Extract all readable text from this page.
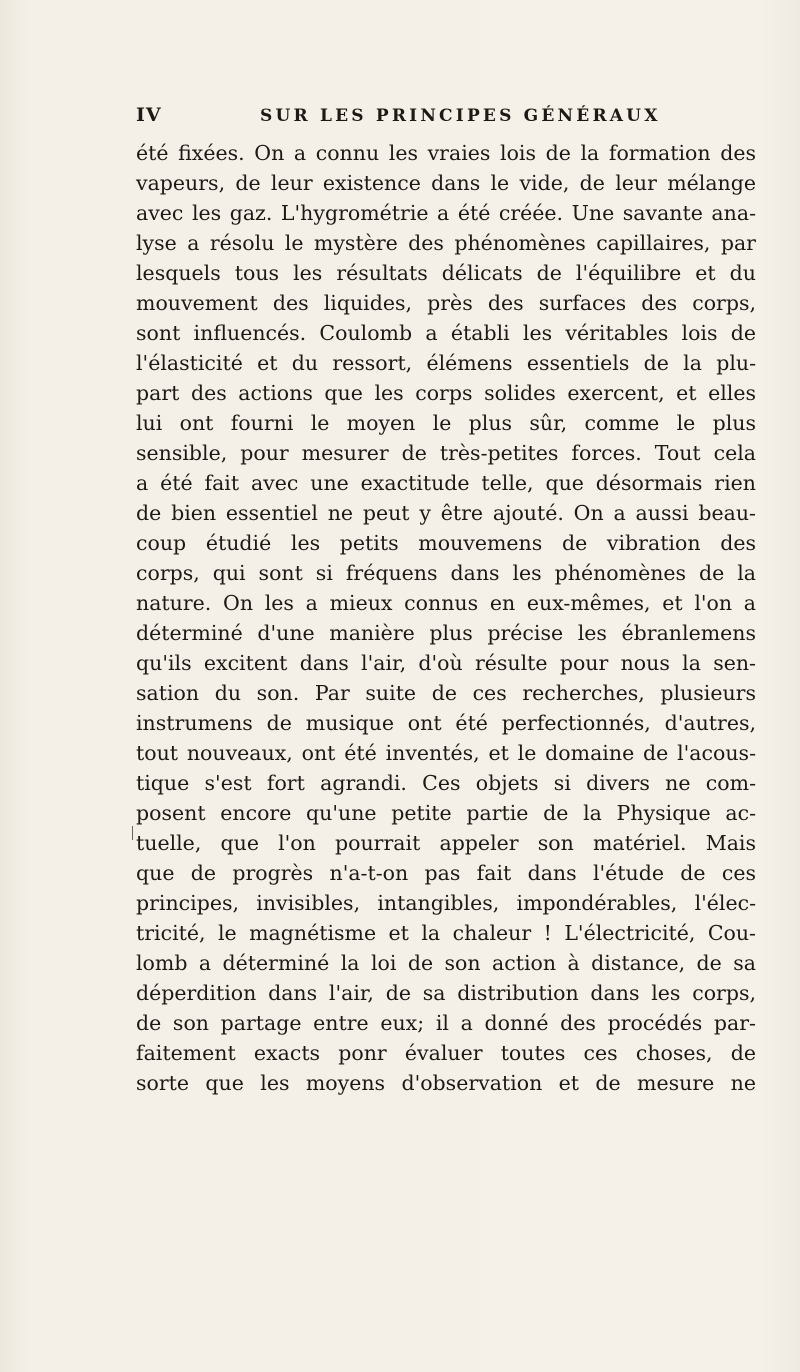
IV	SUR LES PRINCIPES GÉNÉRAUX
été fixées. On a connu les vraies lois de la formation des
vapeurs, de leur existence dans le vide, de leur mélange
avec les gaz. L'hygrométrie a été créée. Une savante ana-
lyse a résolu le mystère des phénomènes capillaires, par
lesquels tous les résultats délicats de l'équilibre et du
mouvement des liquides, près des surfaces des corps,
sont influencés. Coulomb a établi les véritables lois de
l'élasticité et du ressort, élémens essentiels de la plu-
part des actions que les corps solides exercent, et elles
lui ont fourni le moyen le plus sûr, comme le plus
sensible, pour mesurer de très-petites forces. Tout cela
a été fait avec une exactitude telle, que désormais rien
de bien essentiel ne peut y être ajouté. On a aussi beau-
coup étudié les petits mouvemens de vibration des
corps, qui sont si fréquens dans les phénomènes de la
nature. On les a mieux connus en eux-mêmes, et l'on a
déterminé d'une manière plus précise les ébranlemens
qu'ils excitent dans l'air, d'où résulte pour nous la sen-
sation du son. Par suite de ces recherches, plusieurs
instrumens de musique ont été perfectionnés, d'autres,
tout nouveaux, ont été inventés, et le domaine de l'acous-
tique s'est fort agrandi. Ces objets si divers ne com-
posent encore qu'une petite partie de la Physique ac-
tuelle, que l'on pourrait appeler son matériel. Mais
que de progrès n'a-t-on pas fait dans l'étude de ces
principes, invisibles, intangibles, impondérables, l'élec-
tricité, le magnétisme et la chaleur ! L'électricité, Cou-
lomb a déterminé la loi de son action à distance, de sa
déperdition dans l'air, de sa distribution dans les corps,
de son partage entre eux; il a donné des procédés par-
faitement exacts ponr évaluer toutes ces choses, de
sorte que les moyens d'observation et de mesure ne
